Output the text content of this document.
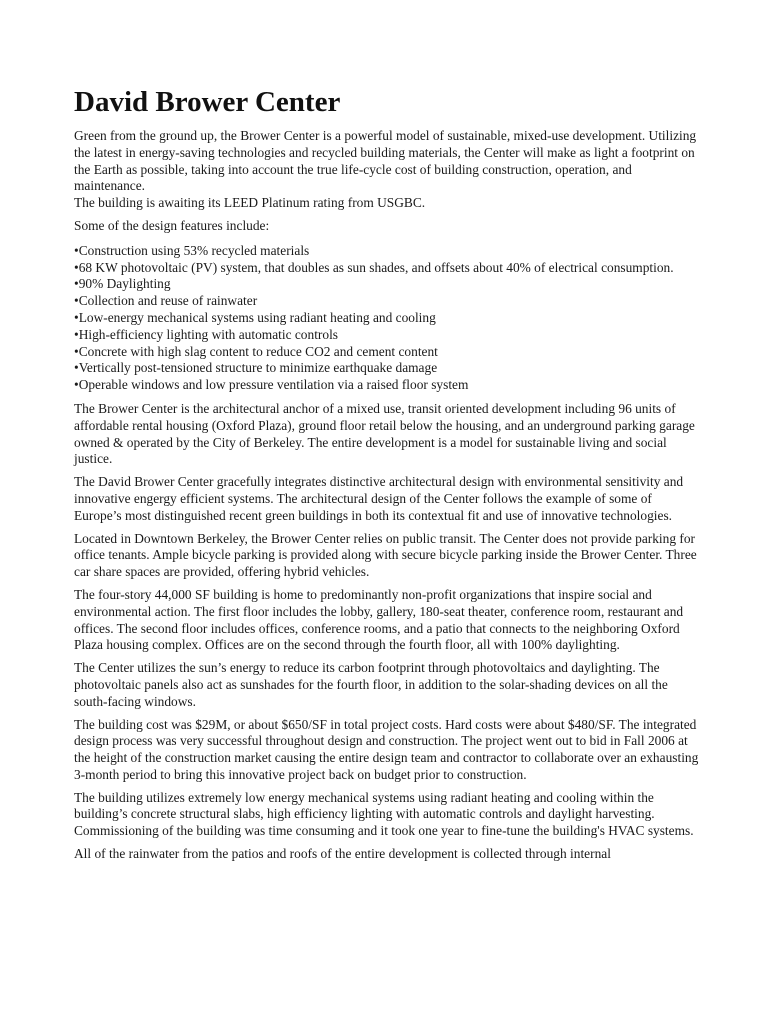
David Brower Center

Green from the ground up, the Brower Center is a powerful model of sustainable, mixed-use development. Utilizing the latest in energy-saving technologies and recycled building materials, the Center will make as light a footprint on the Earth as possible, taking into account the true life-cycle cost of building construction, operation, and maintenance.

The building is awaiting its LEED Platinum rating from USGBC.

Some of the design features include:

•Construction using 53% recycled materials
•68 KW photovoltaic (PV) system, that doubles as sun shades, and offsets about 40% of electrical consumption.
•90% Daylighting
•Collection and reuse of rainwater
•Low-energy mechanical systems using radiant heating and cooling
•High-efficiency lighting with automatic controls
•Concrete with high slag content to reduce CO2 and cement content
•Vertically post-tensioned structure to minimize earthquake damage
•Operable windows and low pressure ventilation via a raised floor system

The Brower Center is the architectural anchor of a mixed use, transit oriented development including 96 units of affordable rental housing (Oxford Plaza), ground floor retail below the housing, and an underground parking garage owned & operated by the City of Berkeley. The entire development is a model for sustainable living and social justice.

The David Brower Center gracefully integrates distinctive architectural design with environmental sensitivity and innovative engergy efficient systems. The architectural design of the Center follows the example of some of Europe’s most distinguished recent green buildings in both its contextual fit and use of innovative technologies.

Located in Downtown Berkeley, the Brower Center relies on public transit. The Center does not provide parking for office tenants. Ample bicycle parking is provided along with secure bicycle parking inside the Brower Center. Three car share spaces are provided, offering hybrid vehicles.

The four-story 44,000 SF building is home to predominantly non-profit organizations that inspire social and environmental action. The first floor includes the lobby, gallery, 180-seat theater, conference room, restaurant and offices. The second floor includes offices, conference rooms, and a patio that connects to the neighboring Oxford Plaza housing complex. Offices are on the second through the fourth floor, all with 100% daylighting.

The Center utilizes the sun’s energy to reduce its carbon footprint through photovoltaics and daylighting. The photovoltaic panels also act as sunshades for the fourth floor, in addition to the solar-shading devices on all the south-facing windows.

The building cost was $29M, or about $650/SF in total project costs. Hard costs were about $480/SF. The integrated design process was very successful throughout design and construction. The project went out to bid in Fall 2006 at the height of the construction market causing the entire design team and contractor to collaborate over an exhausting 3-month period to bring this innovative project back on budget prior to construction.

The building utilizes extremely low energy mechanical systems using radiant heating and cooling within the building’s concrete structural slabs, high efficiency lighting with automatic controls and daylight harvesting. Commissioning of the building was time consuming and it took one year to fine-tune the building's HVAC systems.

All of the rainwater from the patios and roofs of the entire development is collected through internal
